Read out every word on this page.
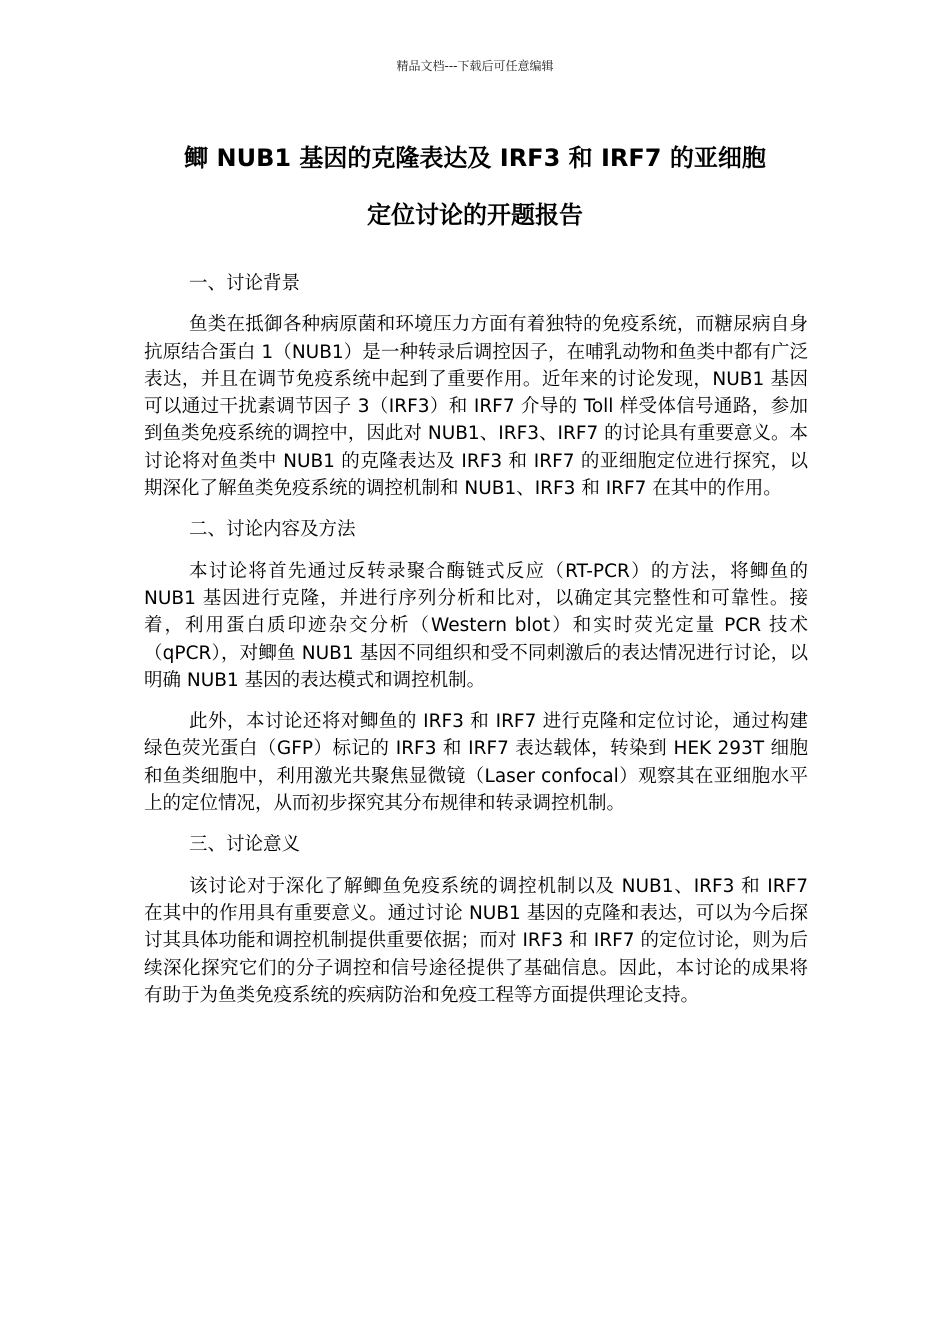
精品文档---下载后可任意编辑
鲫 NUB1 基因的克隆表达及 IRF3 和 IRF7 的亚细胞
定位讨论的开题报告

一、讨论背景

鱼类在抵御各种病原菌和环境压力方面有着独特的免疫系统，而糖尿病自身抗原结合蛋白 1（NUB1）是一种转录后调控因子，在哺乳动物和鱼类中都有广泛表达，并且在调节免疫系统中起到了重要作用。近年来的讨论发现，NUB1 基因可以通过干扰素调节因子 3（IRF3）和 IRF7 介导的 Toll 样受体信号通路，参加到鱼类免疫系统的调控中，因此对 NUB1、IRF3、IRF7 的讨论具有重要意义。本讨论将对鱼类中 NUB1 的克隆表达及 IRF3 和 IRF7 的亚细胞定位进行探究，以期深化了解鱼类免疫系统的调控机制和 NUB1、IRF3 和 IRF7 在其中的作用。

二、讨论内容及方法

本讨论将首先通过反转录聚合酶链式反应（RT-PCR）的方法，将鲫鱼的 NUB1 基因进行克隆，并进行序列分析和比对，以确定其完整性和可靠性。接着，利用蛋白质印迹杂交分析（Western blot）和实时荧光定量 PCR 技术（qPCR），对鲫鱼 NUB1 基因不同组织和受不同刺激后的表达情况进行讨论，以明确 NUB1 基因的表达模式和调控机制。

此外，本讨论还将对鲫鱼的 IRF3 和 IRF7 进行克隆和定位讨论，通过构建绿色荧光蛋白（GFP）标记的 IRF3 和 IRF7 表达载体，转染到 HEK 293T 细胞和鱼类细胞中，利用激光共聚焦显微镜（Laser confocal）观察其在亚细胞水平上的定位情况，从而初步探究其分布规律和转录调控机制。

三、讨论意义

该讨论对于深化了解鲫鱼免疫系统的调控机制以及 NUB1、IRF3 和 IRF7 在其中的作用具有重要意义。通过讨论 NUB1 基因的克隆和表达，可以为今后探讨其具体功能和调控机制提供重要依据；而对 IRF3 和 IRF7 的定位讨论，则为后续深化探究它们的分子调控和信号途径提供了基础信息。因此，本讨论的成果将有助于为鱼类免疫系统的疾病防治和免疫工程等方面提供理论支持。
